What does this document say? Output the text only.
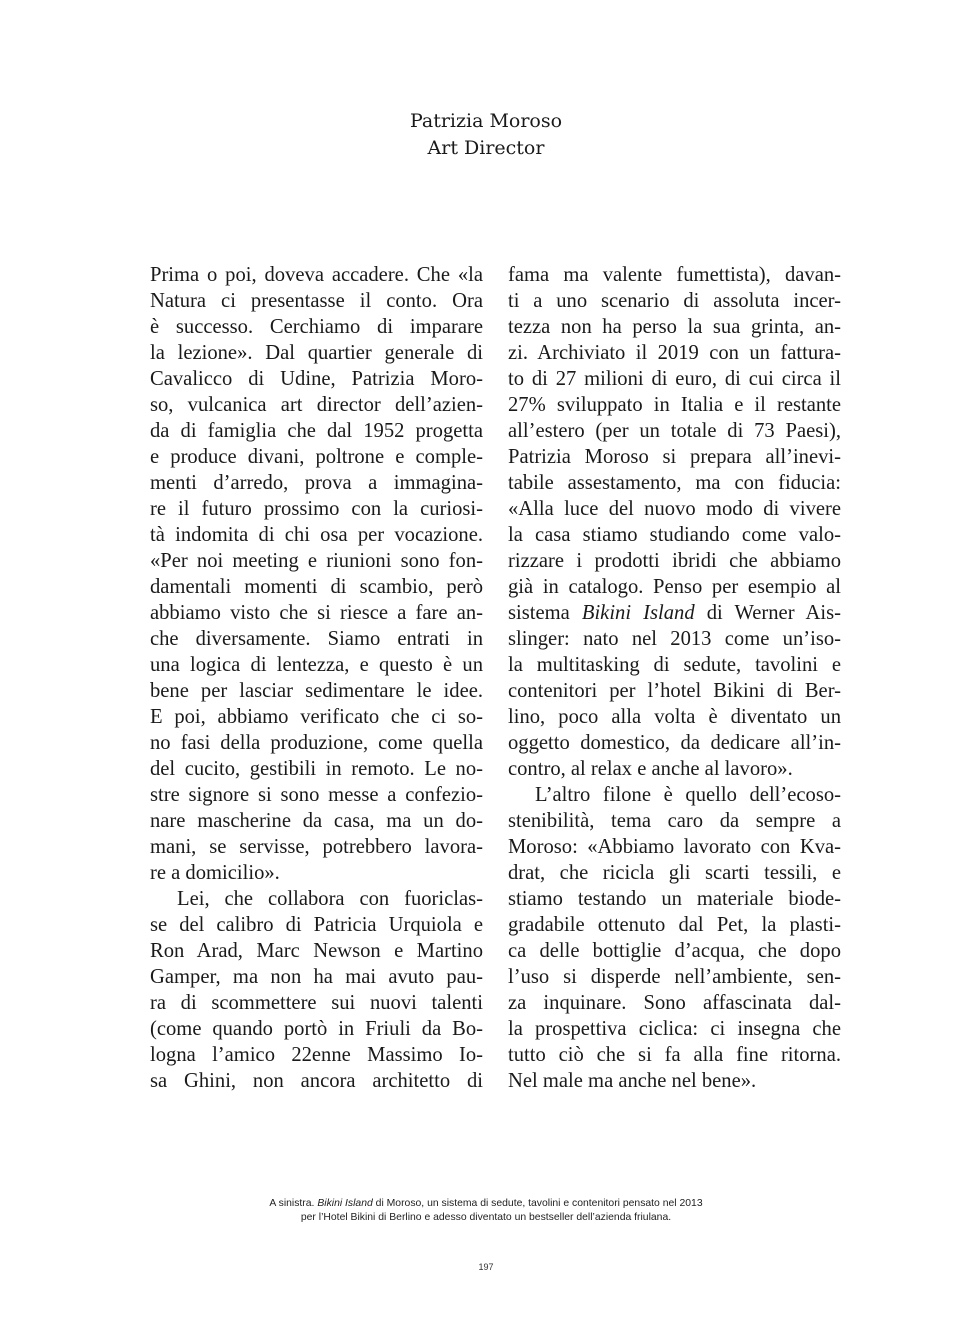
Patrizia Moroso
Art Director
Prima o poi, doveva accadere. Che «la
Natura ci presentasse il conto. Ora
è successo. Cerchiamo di imparare
la lezione». Dal quartier generale di
Cavalicco di Udine, Patrizia Moro-
so, vulcanica art director dell’azien-
da di famiglia che dal 1952 progetta
e produce divani, poltrone e comple-
menti d’arredo, prova a immagina-
re il futuro prossimo con la curiosi-
tà indomita di chi osa per vocazione.
«Per noi meeting e riunioni sono fon-
damentali momenti di scambio, però
abbiamo visto che si riesce a fare an-
che diversamente. Siamo entrati in
una logica di lentezza, e questo è un
bene per lasciar sedimentare le idee.
E poi, abbiamo verificato che ci so-
no fasi della produzione, come quella
del cucito, gestibili in remoto. Le no-
stre signore si sono messe a confezio-
nare mascherine da casa, ma un do-
mani, se servisse, potrebbero lavora-
re a domicilio».
Lei, che collabora con fuoriclas-
se del calibro di Patricia Urquiola e
Ron Arad, Marc Newson e Martino
Gamper, ma non ha mai avuto pau-
ra di scommettere sui nuovi talenti
(come quando portò in Friuli da Bo-
logna l’amico 22enne Massimo Io-
sa Ghini, non ancora architetto di
fama ma valente fumettista), davan-
ti a uno scenario di assoluta incer-
tezza non ha perso la sua grinta, an-
zi. Archiviato il 2019 con un fattura-
to di 27 milioni di euro, di cui circa il
27% sviluppato in Italia e il restante
all’estero (per un totale di 73 Paesi),
Patrizia Moroso si prepara all’inevi-
tabile assestamento, ma con fiducia:
«Alla luce del nuovo modo di vivere
la casa stiamo studiando come valo-
rizzare i prodotti ibridi che abbiamo
già in catalogo. Penso per esempio al
sistema Bikini Island di Werner Ais-
slinger: nato nel 2013 come un’iso-
la multitasking di sedute, tavolini e
contenitori per l’hotel Bikini di Ber-
lino, poco alla volta è diventato un
oggetto domestico, da dedicare all’in-
contro, al relax e anche al lavoro».
L’altro filone è quello dell’ecoso-
stenibilità, tema caro da sempre a
Moroso: «Abbiamo lavorato con Kva-
drat, che ricicla gli scarti tessili, e
stiamo testando un materiale biode-
gradabile ottenuto dal Pet, la plasti-
ca delle bottiglie d’acqua, che dopo
l’uso si disperde nell’ambiente, sen-
za inquinare. Sono affascinata dal-
la prospettiva ciclica: ci insegna che
tutto ciò che si fa alla fine ritorna.
Nel male ma anche nel bene».
A sinistra. Bikini Island di Moroso, un sistema di sedute, tavolini e contenitori pensato nel 2013
per l’Hotel Bikini di Berlino e adesso diventato un bestseller dell’azienda friulana.
197
